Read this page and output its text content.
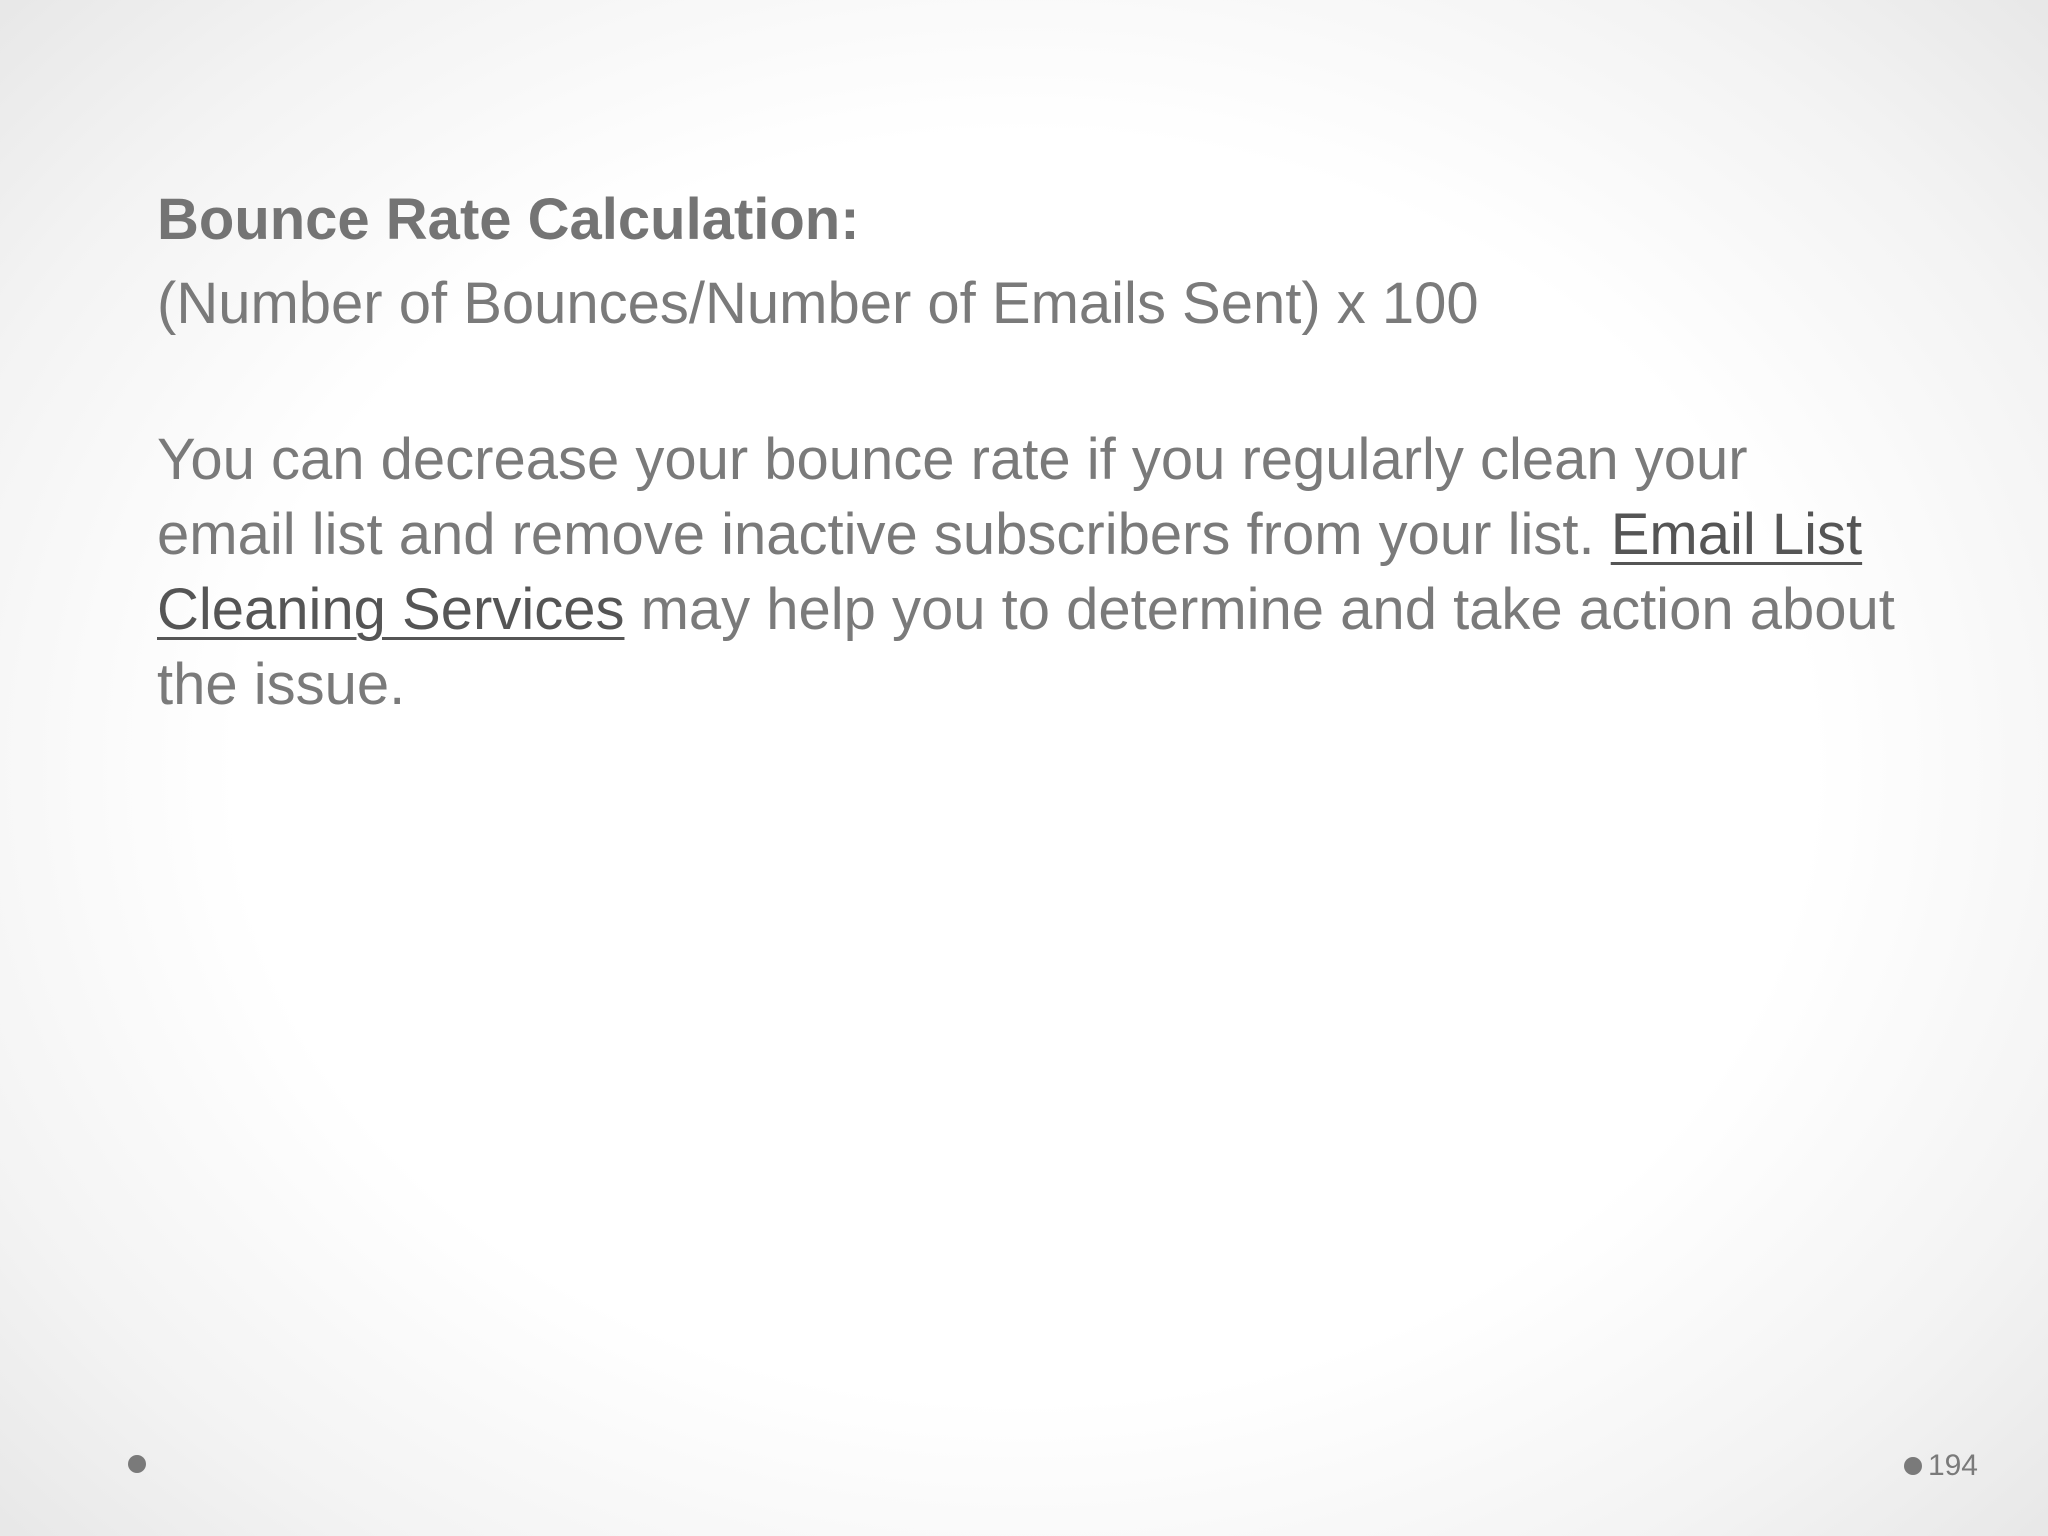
Bounce Rate Calculation:

(Number of Bounces/Number of Emails Sent) x 100

You can decrease your bounce rate if you regularly clean your email list and remove inactive subscribers from your list. Email List Cleaning Services may help you to determine and take action about the issue.

194
